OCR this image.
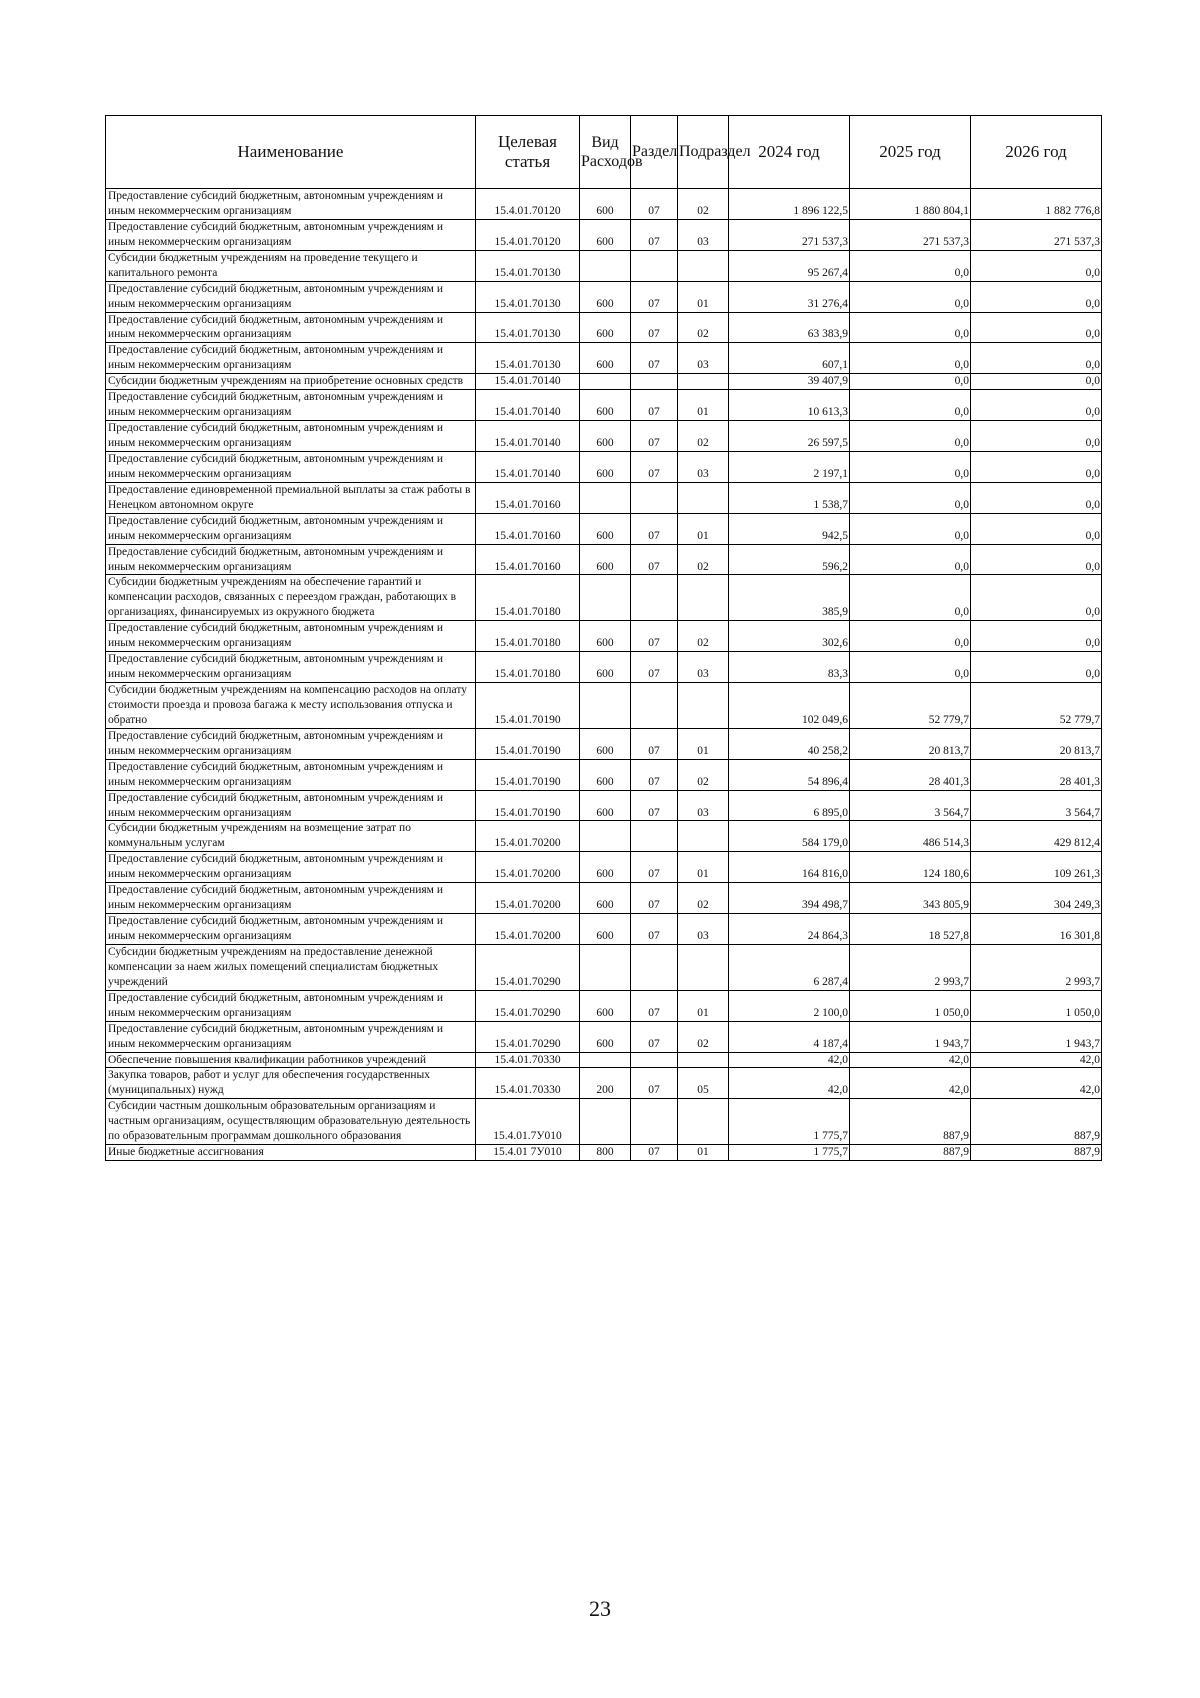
Наименование	Целевая статья	Вид Расходов	Раздел	Подраздел	2024 год	2025 год	2026 год
Предоставление субсидий бюджетным, автономным учреждениям и иным некоммерческим организациям	15.4.01.70120	600	07	02	1 896 122,5	1 880 804,1	1 882 776,8
Предоставление субсидий бюджетным, автономным учреждениям и иным некоммерческим организациям	15.4.01.70120	600	07	03	271 537,3	271 537,3	271 537,3
Субсидии бюджетным учреждениям на проведение текущего и капитального ремонта	15.4.01.70130				95 267,4	0,0	0,0
Предоставление субсидий бюджетным, автономным учреждениям и иным некоммерческим организациям	15.4.01.70130	600	07	01	31 276,4	0,0	0,0
Предоставление субсидий бюджетным, автономным учреждениям и иным некоммерческим организациям	15.4.01.70130	600	07	02	63 383,9	0,0	0,0
Предоставление субсидий бюджетным, автономным учреждениям и иным некоммерческим организациям	15.4.01.70130	600	07	03	607,1	0,0	0,0
Субсидии бюджетным учреждениям на приобретение основных средств	15.4.01.70140				39 407,9	0,0	0,0
Предоставление субсидий бюджетным, автономным учреждениям и иным некоммерческим организациям	15.4.01.70140	600	07	01	10 613,3	0,0	0,0
Предоставление субсидий бюджетным, автономным учреждениям и иным некоммерческим организациям	15.4.01.70140	600	07	02	26 597,5	0,0	0,0
Предоставление субсидий бюджетным, автономным учреждениям и иным некоммерческим организациям	15.4.01.70140	600	07	03	2 197,1	0,0	0,0
Предоставление единовременной премиальной выплаты за стаж работы в Ненецком автономном округе	15.4.01.70160				1 538,7	0,0	0,0
Предоставление субсидий бюджетным, автономным учреждениям и иным некоммерческим организациям	15.4.01.70160	600	07	01	942,5	0,0	0,0
Предоставление субсидий бюджетным, автономным учреждениям и иным некоммерческим организациям	15.4.01.70160	600	07	02	596,2	0,0	0,0
Субсидии бюджетным учреждениям на обеспечение гарантий и компенсации расходов, связанных с переездом граждан, работающих в организациях, финансируемых из окружного бюджета	15.4.01.70180				385,9	0,0	0,0
Предоставление субсидий бюджетным, автономным учреждениям и иным некоммерческим организациям	15.4.01.70180	600	07	02	302,6	0,0	0,0
Предоставление субсидий бюджетным, автономным учреждениям и иным некоммерческим организациям	15.4.01.70180	600	07	03	83,3	0,0	0,0
Субсидии бюджетным учреждениям на компенсацию расходов на оплату стоимости проезда и провоза багажа к месту использования отпуска и обратно	15.4.01.70190				102 049,6	52 779,7	52 779,7
Предоставление субсидий бюджетным, автономным учреждениям и иным некоммерческим организациям	15.4.01.70190	600	07	01	40 258,2	20 813,7	20 813,7
Предоставление субсидий бюджетным, автономным учреждениям и иным некоммерческим организациям	15.4.01.70190	600	07	02	54 896,4	28 401,3	28 401,3
Предоставление субсидий бюджетным, автономным учреждениям и иным некоммерческим организациям	15.4.01.70190	600	07	03	6 895,0	3 564,7	3 564,7
Субсидии бюджетным учреждениям на возмещение затрат по коммунальным услугам	15.4.01.70200				584 179,0	486 514,3	429 812,4
Предоставление субсидий бюджетным, автономным учреждениям и иным некоммерческим организациям	15.4.01.70200	600	07	01	164 816,0	124 180,6	109 261,3
Предоставление субсидий бюджетным, автономным учреждениям и иным некоммерческим организациям	15.4.01.70200	600	07	02	394 498,7	343 805,9	304 249,3
Предоставление субсидий бюджетным, автономным учреждениям и иным некоммерческим организациям	15.4.01.70200	600	07	03	24 864,3	18 527,8	16 301,8
Субсидии бюджетным учреждениям на предоставление денежной компенсации за наем жилых помещений специалистам бюджетных учреждений	15.4.01.70290				6 287,4	2 993,7	2 993,7
Предоставление субсидий бюджетным, автономным учреждениям и иным некоммерческим организациям	15.4.01.70290	600	07	01	2 100,0	1 050,0	1 050,0
Предоставление субсидий бюджетным, автономным учреждениям и иным некоммерческим организациям	15.4.01.70290	600	07	02	4 187,4	1 943,7	1 943,7
Обеспечение повышения квалификации работников учреждений	15.4.01.70330				42,0	42,0	42,0
Закупка товаров, работ и услуг для обеспечения государственных (муниципальных) нужд	15.4.01.70330	200	07	05	42,0	42,0	42,0
Субсидии частным дошкольным образовательным организациям и частным организациям, осуществляющим образовательную деятельность по образовательным программам дошкольного образования	15.4.01.7У010				1 775,7	887,9	887,9
Иные бюджетные ассигнования	15.4.01 7У010	800	07	01	1 775,7	887,9	887,9
23
